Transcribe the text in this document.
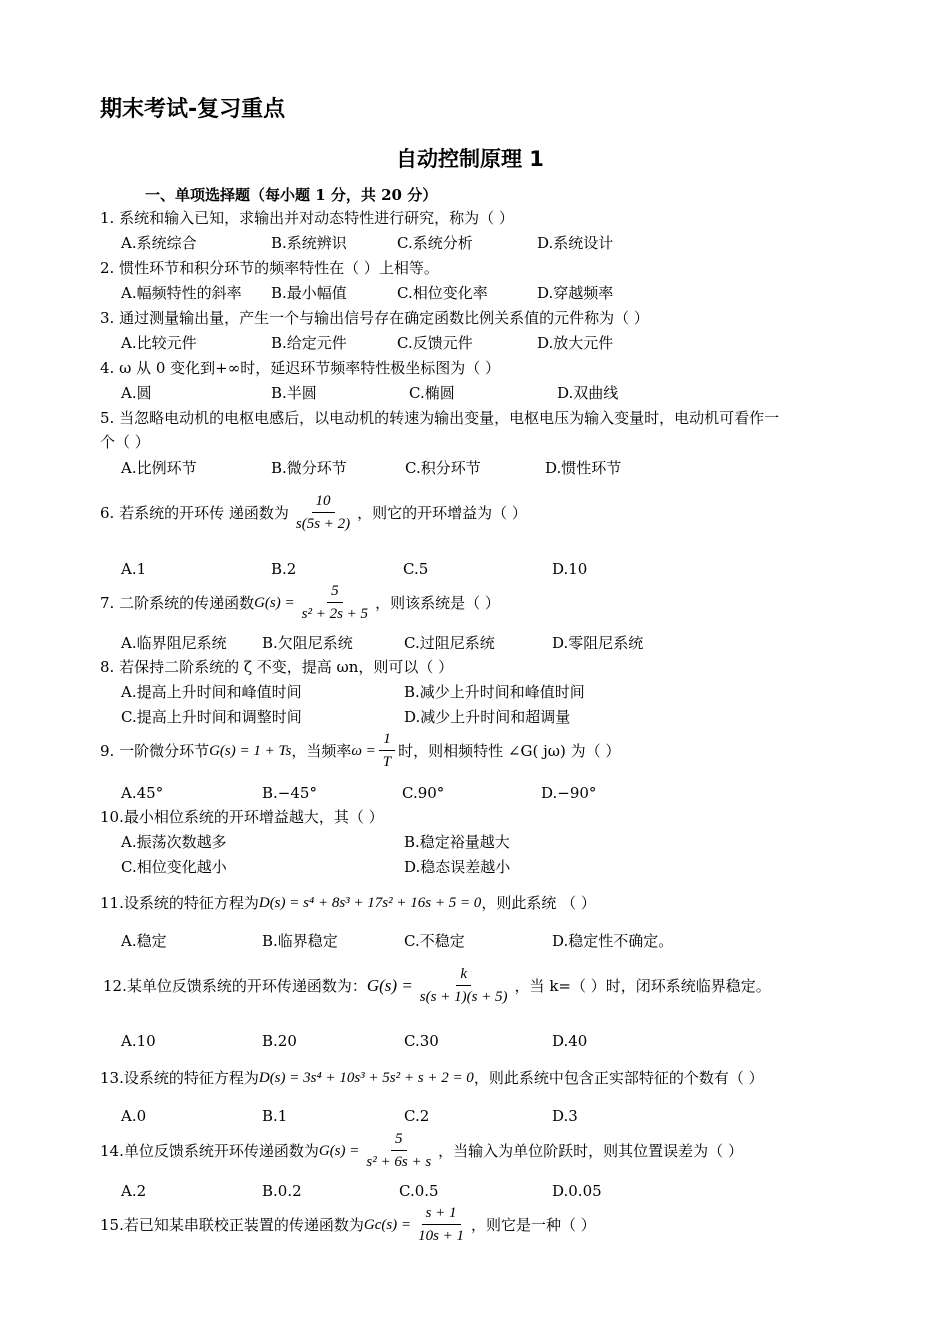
期末考试-复习重点
自动控制原理 1
一、单项选择题（每小题 1 分，共 20 分）
1. 系统和输入已知，求输出并对动态特性进行研究，称为（ ）
A.系统综合	B.系统辨识	C.系统分析	D.系统设计
2. 惯性环节和积分环节的频率特性在（ ）上相等。
A.幅频特性的斜率 B.最小幅值	C.相位变化率	D.穿越频率
3. 通过测量输出量，产生一个与输出信号存在确定函数比例关系值的元件称为（ ）
A.比较元件	B.给定元件	C.反馈元件	D.放大元件
4. ω 从 0 变化到+∞时，延迟环节频率特性极坐标图为（ ）
A.圆	B.半圆	C.椭圆	D.双曲线
5. 当忽略电动机的电枢电感后，以电动机的转速为输出变量，电枢电压为输入变量时，电动机可看作一
个（ ）
A.比例环节	B.微分环节	C.积分环节	D.惯性环节
6. 若系统的开环传 递函数为 $\frac{10}{s(5s + 2)}$ ，则它的开环增益为（ ）
A.1	B.2	C.5	D.10
7. 二阶系统的传递函数$G(s) = \frac{5}{\text{s² + 2s + 5}}$ ，则该系统是（ ）
A.临界阻尼系统 B.欠阻尼系统	C.过阻尼系统	D.零阻尼系统
8. 若保持二阶系统的 ζ 不变，提高 ωn，则可以（ ）
A.提高上升时间和峰值时间	B.减少上升时间和峰值时间
C.提高上升时间和调整时间	D.减少上升时间和超调量
9. 一阶微分环节G(s) = 1 + Ts，当频率$\omega = \frac{1}{T}$ 时，则相频特性 ∠G( jω) 为（ ）
A.45°	B.−45°	C.90°	D.−90°
10.最小相位系统的开环增益越大，其（ ）
A.振荡次数越多	B.稳定裕量越大
C.相位变化越小	D.稳态误差越小
11.设系统的特征方程为D(s) = s⁴ + 8s³ + 17s² + 16s + 5 = 0，则此系统 （ ）
A.稳定	B.临界稳定	C.不稳定	D.稳定性不确定。
12.某单位反馈系统的开环传递函数为：$G(s) = \frac{k}{s(s + 1)(s + 5)}$ ，当 k=（ ）时，闭环系统临界稳定。
A.10	B.20	C.30	D.40
13.设系统的特征方程为D(s) = 3s⁴ + 10s³ + 5s² + s + 2 = 0，则此系统中包含正实部特征的个数有（ ）
A.0	B.1	C.2	D.3
14.单位反馈系统开环传递函数为$G(s) = \frac{5}{\text{s² + 6s + s}}$ ，当输入为单位阶跃时，则其位置误差为（ ）
A.2	B.0.2	C.0.5	D.0.05
15.若已知某串联校正装置的传递函数为$Gc(s) = \frac{s + 1}{10s + 1}$ ，则它是一种（ ）
